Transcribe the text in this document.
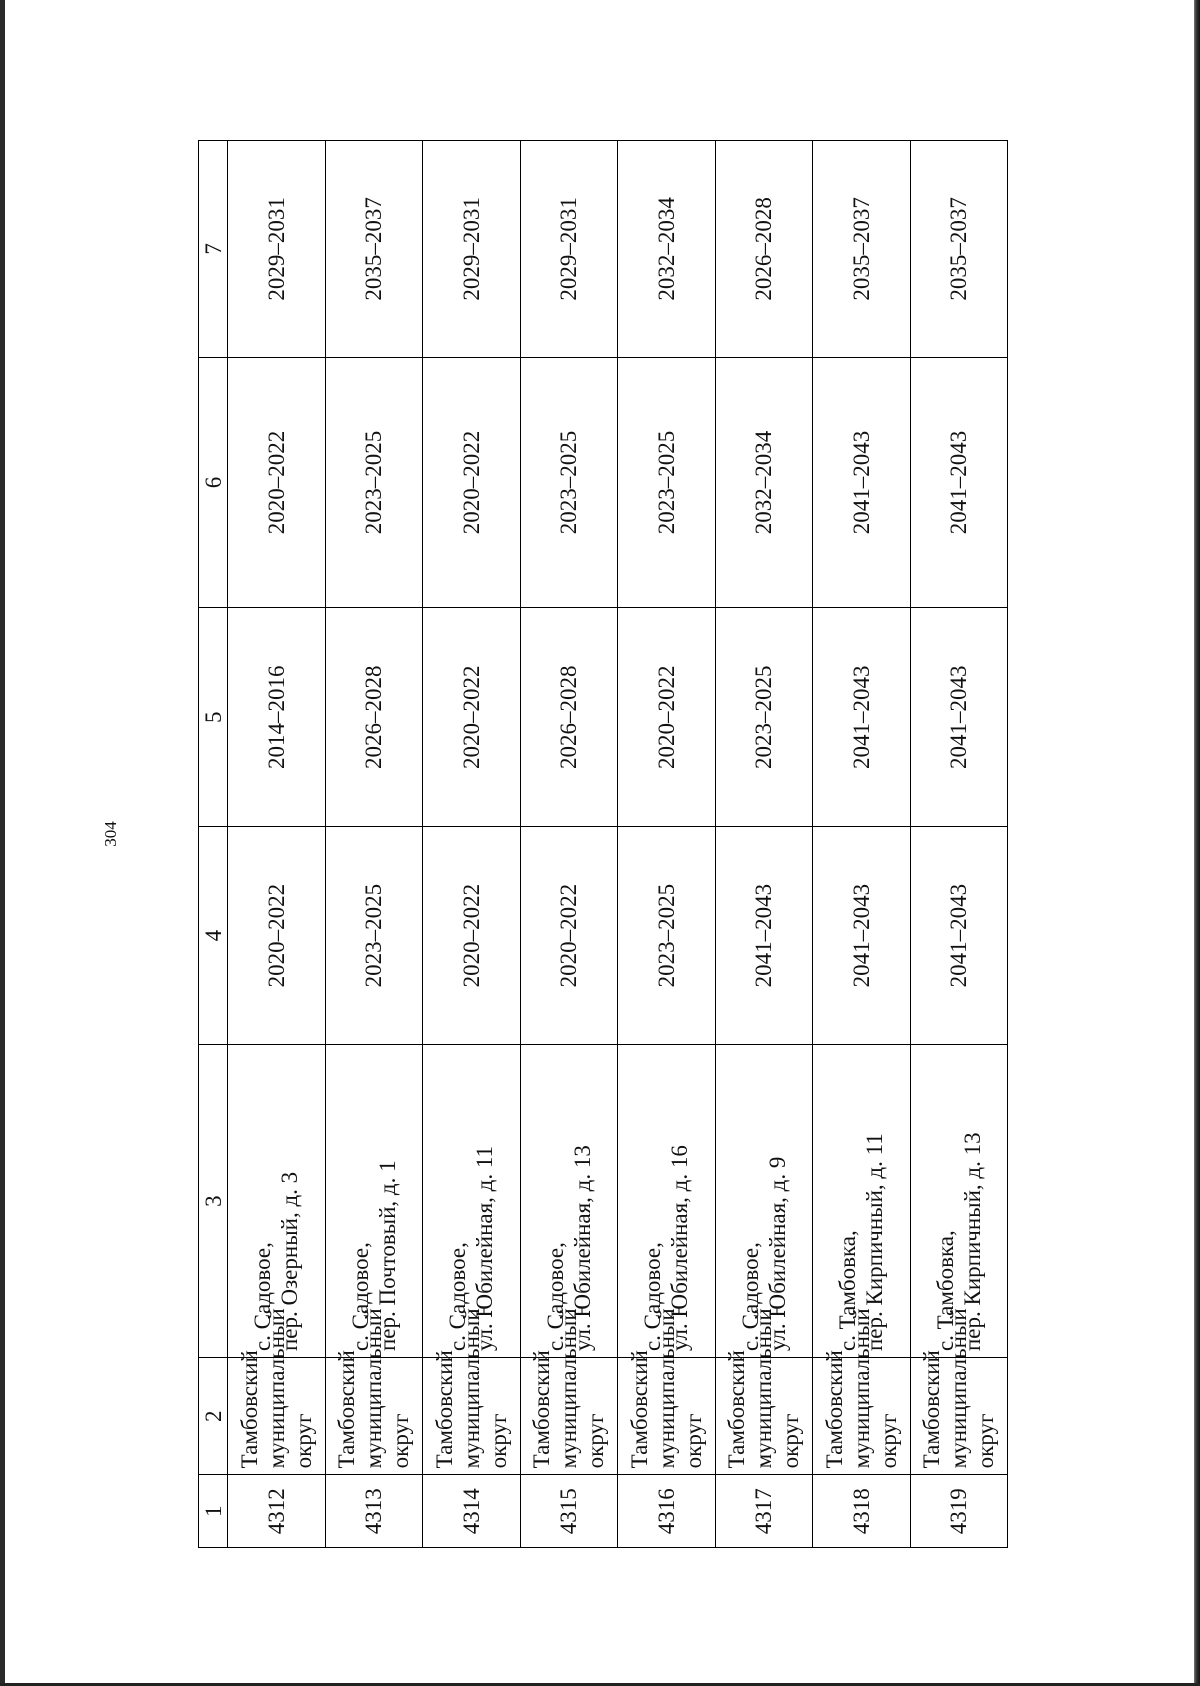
304
1	2	3	4	5	6	7
4312	Тамбовский муниципальный округ	с. Садовое, пер. Озерный, д. 3	2020–2022	2014–2016	2020–2022	2029–2031
4313	Тамбовский муниципальный округ	с. Садовое, пер. Почтовый, д. 1	2023–2025	2026–2028	2023–2025	2035–2037
4314	Тамбовский муниципальный округ	с. Садовое, ул. Юбилейная, д. 11	2020–2022	2020–2022	2020–2022	2029–2031
4315	Тамбовский муниципальный округ	с. Садовое, ул. Юбилейная, д. 13	2020–2022	2026–2028	2023–2025	2029–2031
4316	Тамбовский муниципальный округ	с. Садовое, ул. Юбилейная, д. 16	2023–2025	2020–2022	2023–2025	2032–2034
4317	Тамбовский муниципальный округ	с. Садовое, ул. Юбилейная, д. 9	2041–2043	2023–2025	2032–2034	2026–2028
4318	Тамбовский муниципальный округ	с. Тамбовка, пер. Кирпичный, д. 11	2041–2043	2041–2043	2041–2043	2035–2037
4319	Тамбовский муниципальный округ	с. Тамбовка, пер. Кирпичный, д. 13	2041–2043	2041–2043	2041–2043	2035–2037
